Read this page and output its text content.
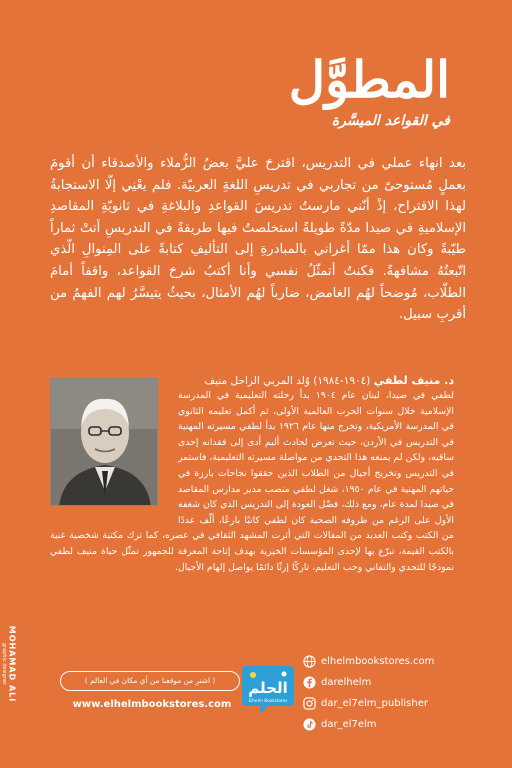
المطوَّل
في القواعد الميسَّرة

بعد انهاء عملي في التدريس، اقترحَ عليَّ بعضُ الزُّملاء والأصدقاء أن أقومَ بعملٍ مُستوحىً من تجاربي في تدريسِ اللغةِ العربيّة. فلم يعْنِي إلّا الاستجابةُ لهذا الاقتراح، إذْ أنّني مارستُ تدريسَ القواعدِ والبلاغةِ في ثانويّةِ المقاصدِ الإسلاميةِ في صيدا مدّةً طويلةً استخلصتُ فيها طريقةً في التدريسِ أتتْ ثماراً طيّبةً وكان هذا ممّا أغراني بالمبادرةِ إلى التأليفِ كتابةً على المِنوالِ الّذي اتّبعتُهُ مشافهةً. فكنتُ أتمثّلُ نفسي وأنا أكتبُ شرحَ القواعد، واقفاً أمامَ الطلّاب، مُوضحاً لهُم الغامض، ضارباً لهُم الأمثال، بحيثُ يتيسَّرُ لهم الفهمُ من أقربِ سبيل.

د. منيف لطفي (١٩٠٤-١٩٨٤) وُلد المربي الراحل منيف
لطفي في صيدا، لبنان عام ١٩٠٤ بدأ رحلته التعليمية في المدرسة الإسلامية خلال سنوات الحرب العالمية الأولى، ثم أكمل تعليمه الثانوي في المدرسة الأمريكية، وتخرج منها عام ١٩٢٦ بدأ لطفي مسيرته المهنية في التدريس في الأردن، حيث تعرض لحادث أليم أدى إلى فقدانه إحدى ساقيه، ولكن لم يمنعه هذا التحدي من مواصلة مسيرته التعليمية، فاستمر في التدريس وتخريج أجيال من الطلاب الذين حققوا نجاحات بارزة في حياتهم المهنية في عام ١٩٥٠، شغل لطفي منصب مدير مدارس المقاصد في صيدا لمدة عام، ومع ذلك، فضّل العودة إلى التدريس الذي كان شغفه الأول على الرغم من ظروفه الصحية كان لطفي كاتبًا بارعًا، ألّف عددًا من الكتب وكتب العديد من المقالات التي أثرت المشهد الثقافي في عصره، كما ترك مكتبة شخصية غنية بالكتب القيمة، تبرّع بها لإحدى المؤسسات الخيرية بهدف إتاحة المعرفة للجمهور تمثّل حياة منيف لطفي نموذجًا للتحدي والتفاني وحب التعليم، تاركًا إرثًا دائمًا يواصل إلهام الأجيال.
MOHAMAD ALI
graphic designer	( اشترِ من موقعنا من أي مكان في العالم )
www.elhelmbookstores.com
الحلم
Elhelm Bookstores
elhelmbookstores.com
darelhelm
dar_el7elm_publisher
dar_el7elm
